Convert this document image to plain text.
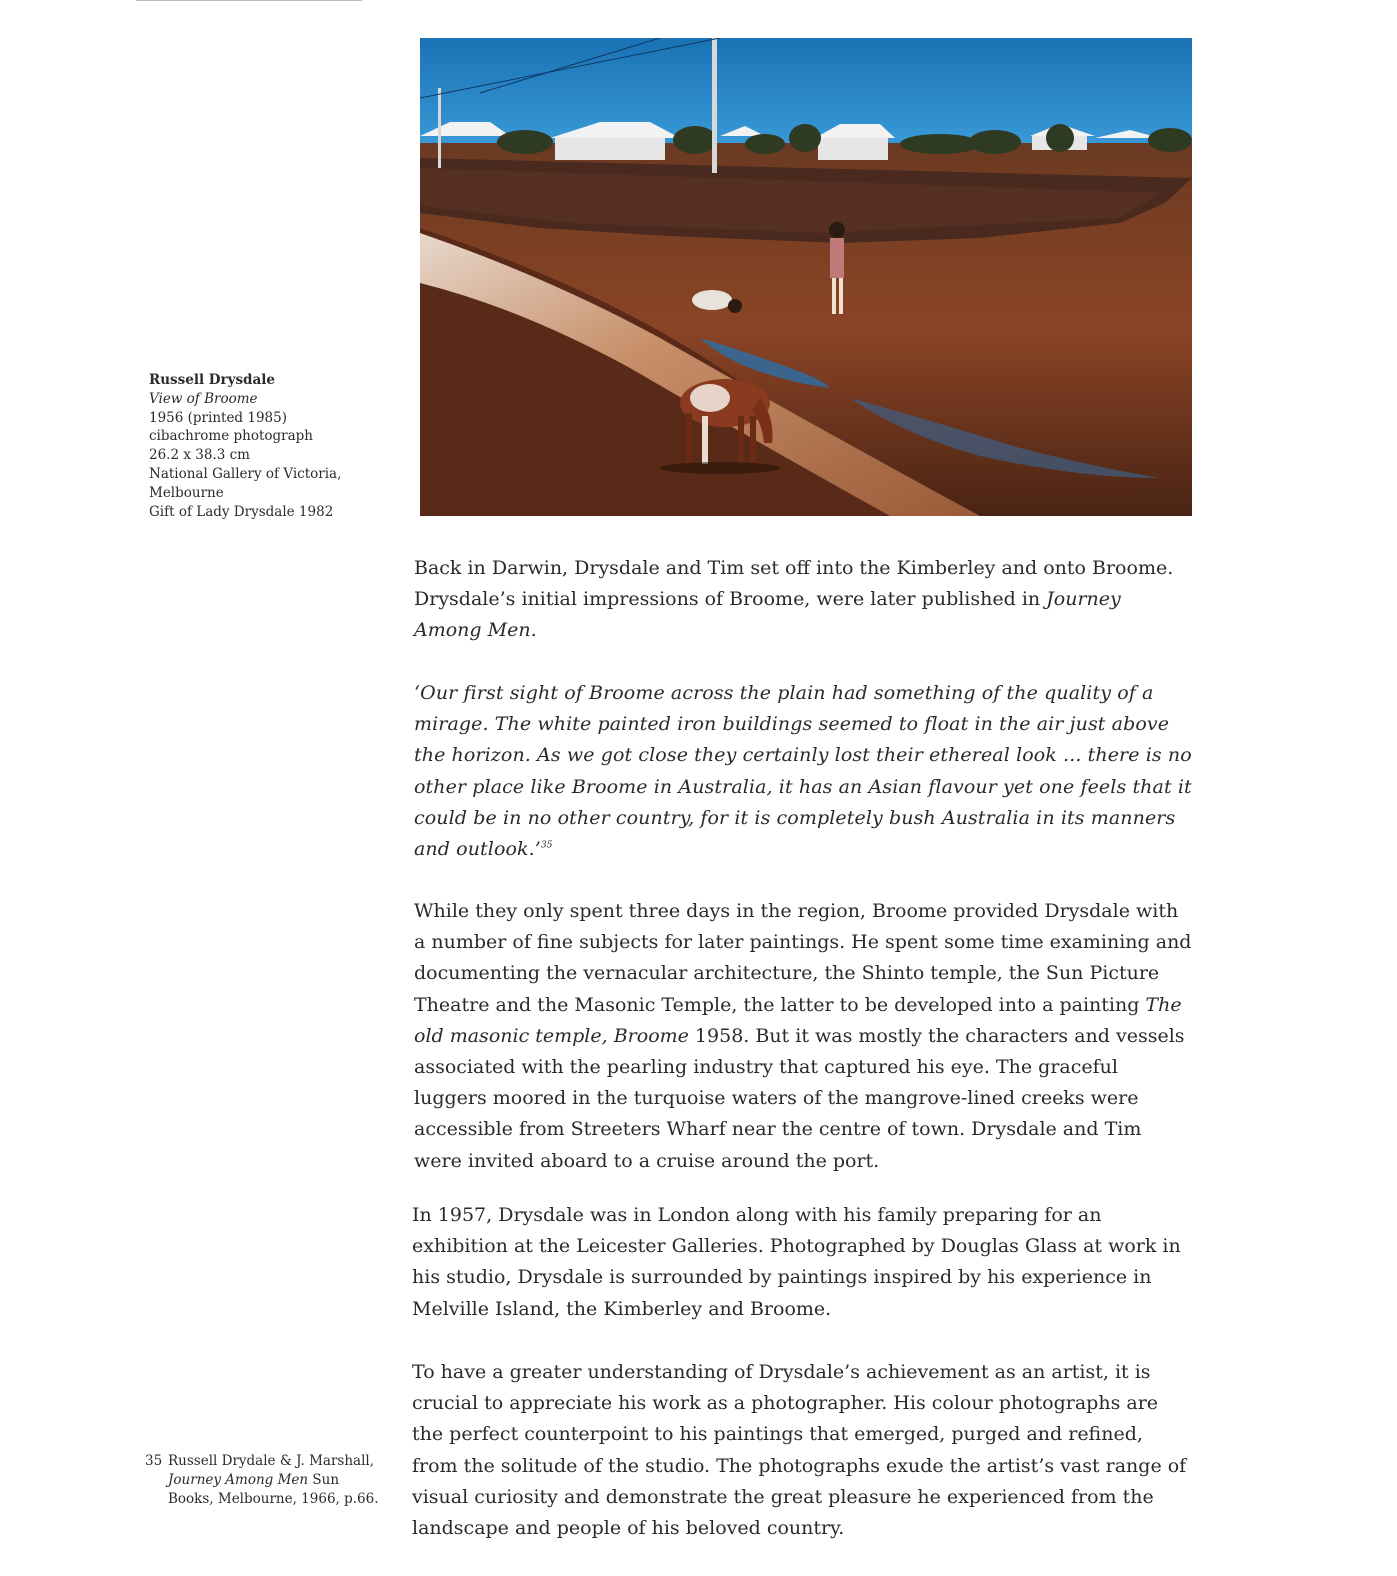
Russell Drysdale
View of Broome
1956 (printed 1985)
cibachrome photograph
26.2 x 38.3 cm
National Gallery of Victoria,
Melbourne
Gift of Lady Drysdale 1982

Back in Darwin, Drysdale and Tim set off into the Kimberley and onto Broome. Drysdale’s initial impressions of Broome, were later published in Journey Among Men.

‘Our first sight of Broome across the plain had something of the quality of a mirage. The white painted iron buildings seemed to float in the air just above the horizon. As we got close they certainly lost their ethereal look ... there is no other place like Broome in Australia, it has an Asian flavour yet one feels that it could be in no other country, for it is completely bush Australia in its manners and outlook.’$^{35}$

While they only spent three days in the region, Broome provided Drysdale with a number of fine subjects for later paintings. He spent some time examining and documenting the vernacular architecture, the Shinto temple, the Sun Picture Theatre and the Masonic Temple, the latter to be developed into a painting The old masonic temple, Broome 1958. But it was mostly the characters and vessels associated with the pearling industry that captured his eye. The graceful luggers moored in the turquoise waters of the mangrove-lined creeks were accessible from Streeters Wharf near the centre of town. Drysdale and Tim were invited aboard to a cruise around the port.

In 1957, Drysdale was in London along with his family preparing for an exhibition at the Leicester Galleries. Photographed by Douglas Glass at work in his studio, Drysdale is surrounded by paintings inspired by his experience in Melville Island, the Kimberley and Broome.

To have a greater understanding of Drysdale’s achievement as an artist, it is crucial to appreciate his work as a photographer. His colour photographs are the perfect counterpoint to his paintings that emerged, purged and refined, from the solitude of the studio. The photographs exude the artist’s vast range of visual curiosity and demonstrate the great pleasure he experienced from the landscape and people of his beloved country.

35 Russell Drydale & J. Marshall, Journey Among Men Sun Books, Melbourne, 1966, p.66.
